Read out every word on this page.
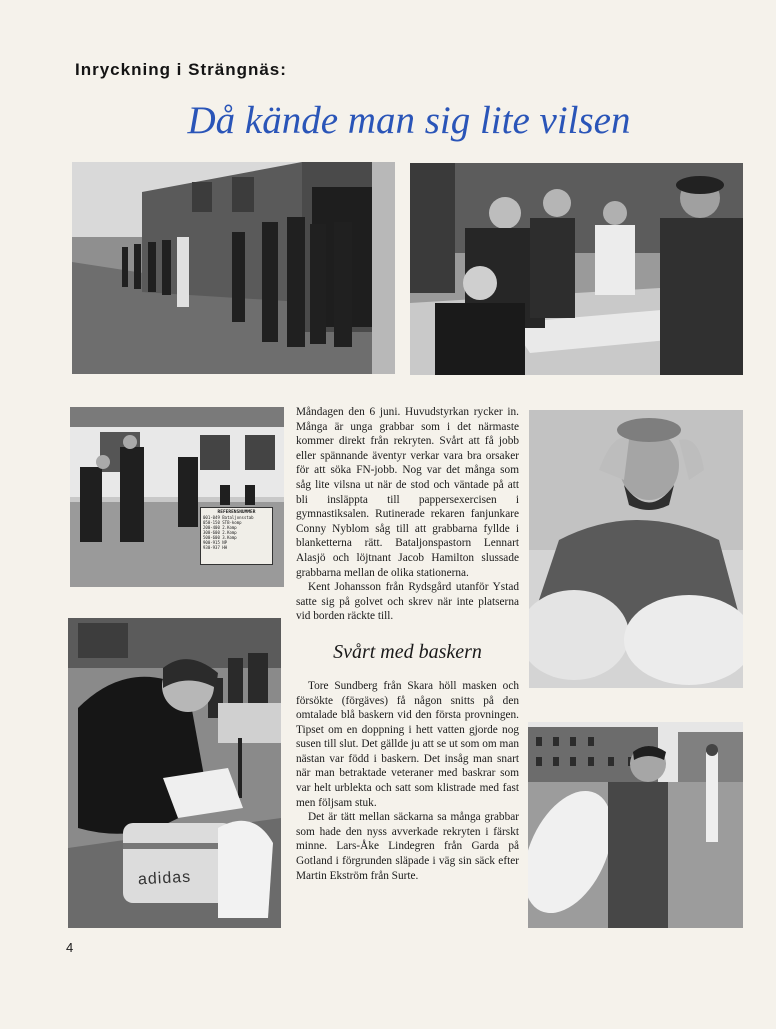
Inryckning i Strängnäs:
Då kände man sig lite vilsen
REFERENSNUMMER
001-049 Bataljonsstab
050-150 STB-komp
200-400 2.Komp
300-600 2.Komp
500-600 3.Komp
900-915 NP
930-937 HH
adidas

Måndagen den 6 juni. Huvudstyrkan rycker in. Många är unga grabbar som i det närmaste kommer direkt från rekryten. Svårt att få jobb eller spännande äventyr verkar vara bra orsaker för att söka FN-jobb. Nog var det många som såg lite vilsna ut när de stod och väntade på att bli insläppta till pappersexercisen i gymnastiksalen. Rutinerade rekaren fanjunkare Conny Nyblom såg till att grabbarna fyllde i blanketterna rätt. Bataljonspastorn Lennart Alasjö och löjtnant Jacob Hamilton slussade grabbarna mellan de olika stationerna.

Kent Johansson från Rydsgård utanför Ystad satte sig på golvet och skrev när inte platserna vid borden räckte till.

Svårt med baskern

Tore Sundberg från Skara höll masken och försökte (förgäves) få någon snitts på den omtalade blå baskern vid den första provningen. Tipset om en doppning i hett vatten gjorde nog susen till slut. Det gällde ju att se ut som om man nästan var född i baskern. Det insåg man snart när man betraktade veteraner med baskrar som var helt urblekta och satt som klistrade med fast men följsam stuk.

Det är tätt mellan säckarna sa många grabbar som hade den nyss avverkade rekryten i färskt minne. Lars-Åke Lindegren från Garda på Gotland i förgrunden släpade i väg sin säck efter Martin Ekström från Surte.

4
